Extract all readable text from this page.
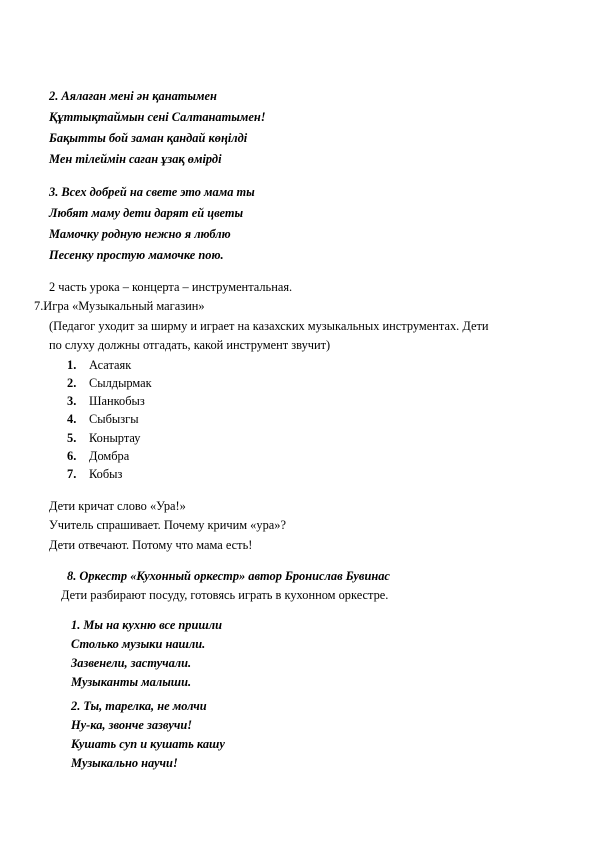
2. Аялаған мені ән қанатымен
Құттықтаймын сені Салтанатымен!
Бақытты бой заман қандай көңілді
Мен тілеймін саған ұзақ өмірді
3. Всех добрей на свете это мама ты
Любят маму дети дарят ей цветы
Мамочку родную нежно я люблю
Песенку простую мамочке пою.
2 часть урока – концерта – инструментальная.
7.Игра «Музыкальный магазин»
(Педагог уходит за ширму и играет на казахских музыкальных инструментах. Дети
по слуху должны отгадать, какой инструмент звучит)
1. Асатаяк
2. Сылдырмак
3. Шанкобыз
4. Сыбызгы
5. Коныртау
6. Домбра
7. Кобыз
Дети кричат слово «Ура!»
Учитель спрашивает. Почему кричим «ура»?
Дети отвечают. Потому что мама есть!
8. Оркестр «Кухонный оркестр» автор Бронислав Бувинас
Дети разбирают посуду, готовясь играть в кухонном оркестре.
1. Мы на кухню все пришли
Столько музыки нашли.
Зазвенели, застучали.
Музыканты малыши.
2. Ты, тарелка, не молчи
Ну-ка, звонче зазвучи!
Кушать суп и кушать кашу
Музыкально научи!
